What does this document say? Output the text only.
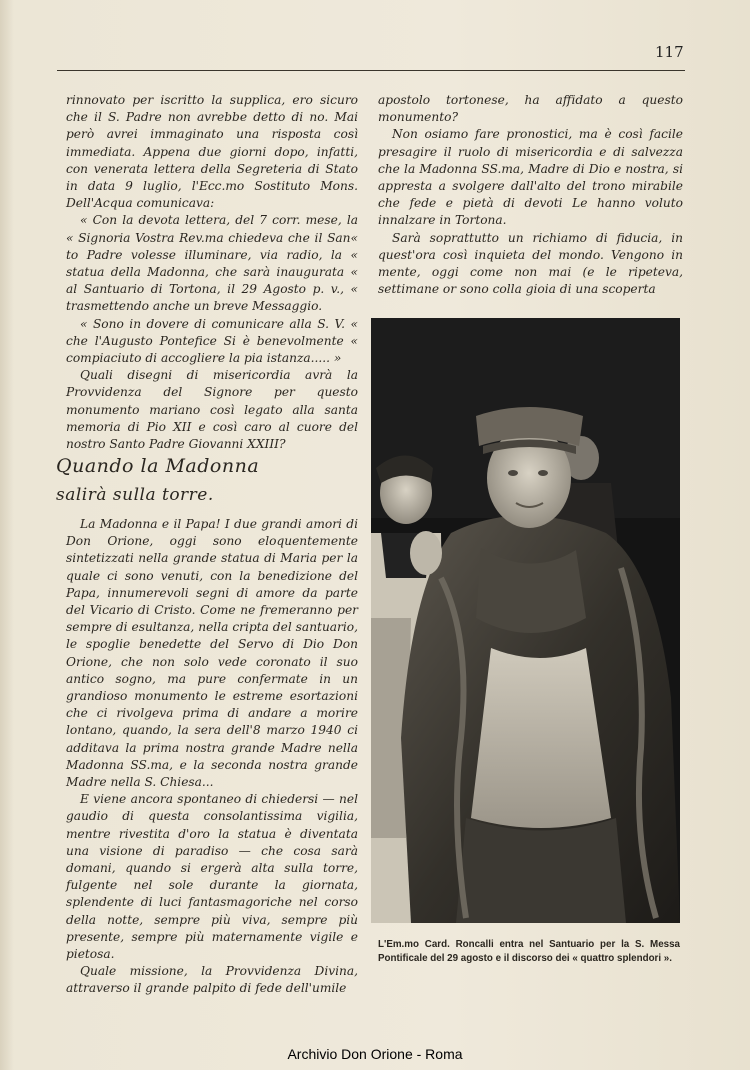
117

rinnovato per iscritto la supplica, ero sicuro che il S. Padre non avrebbe detto di no. Mai però avrei immaginato una risposta così immediata. Appena due giorni dopo, infatti, con venerata lettera della Segreteria di Stato in data 9 luglio, l'Ecc.mo Sostituto Mons. Dell'Acqua comunicava:

« Con la devota lettera, del 7 corr. mese, la « Signoria Vostra Rev.ma chiedeva che il San« to Padre volesse illuminare, via radio, la « statua della Madonna, che sarà inaugurata « al Santuario di Tortona, il 29 Agosto p. v., « trasmettendo anche un breve Messaggio.

« Sono in dovere di comunicare alla S. V. « che l'Augusto Pontefice Si è benevolmente « compiaciuto di accogliere la pia istanza..... »

Quali disegni di misericordia avrà la Provvidenza del Signore per questo monumento mariano così legato alla santa memoria di Pio XII e così caro al cuore del nostro Santo Padre Giovanni XXIII?

Quando la Madonna
salirà sulla torre.

La Madonna e il Papa! I due grandi amori di Don Orione, oggi sono eloquentemente sintetizzati nella grande statua di Maria per la quale ci sono venuti, con la benedizione del Papa, innumerevoli segni di amore da parte del Vicario di Cristo. Come ne fremeranno per sempre di esultanza, nella cripta del santuario, le spoglie benedette del Servo di Dio Don Orione, che non solo vede coronato il suo antico sogno, ma pure confermate in un grandioso monumento le estreme esortazioni che ci rivolgeva prima di andare a morire lontano, quando, la sera dell'8 marzo 1940 ci additava la prima nostra grande Madre nella Madonna SS.ma, e la seconda nostra grande Madre nella S. Chiesa...

E viene ancora spontaneo di chiedersi — nel gaudio di questa consolantissima vigilia, mentre rivestita d'oro la statua è diventata una visione di paradiso — che cosa sarà domani, quando si ergerà alta sulla torre, fulgente nel sole durante la giornata, splendente di luci fantasmagoriche nel corso della notte, sempre più viva, sempre più presente, sempre più maternamente vigile e pietosa.

Quale missione, la Provvidenza Divina, attraverso il grande palpito di fede dell'umile

apostolo tortonese, ha affidato a questo monumento?

Non osiamo fare pronostici, ma è così facile presagire il ruolo di misericordia e di salvezza che la Madonna SS.ma, Madre di Dio e nostra, si appresta a svolgere dall'alto del trono mirabile che fede e pietà di devoti Le hanno voluto innalzare in Tortona.

Sarà soprattutto un richiamo di fiducia, in quest'ora così inquieta del mondo. Vengono in mente, oggi come non mai (e le ripeteva, settimane or sono colla gioia di una scoperta

L'Em.mo Card. Roncalli entra nel Santuario per la S. Messa Pontificale del 29 agosto e il discorso dei « quattro splendori ».
Archivio Don Orione - Roma
